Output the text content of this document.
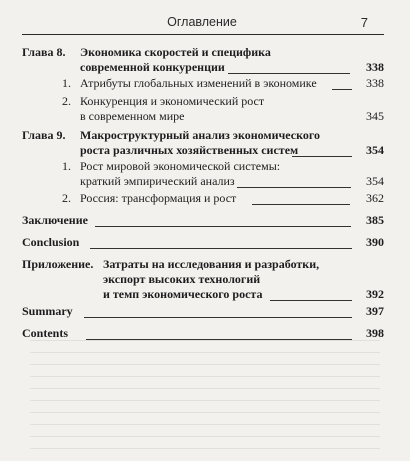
Оглавление	7
Глава 8. Экономика скоростей и специфика
современной конкуренции	338
1. Атрибуты глобальных изменений в экономике	338
2. Конкуренция и экономический рост
в современном мире	345
Глава 9. Макроструктурный анализ экономического
роста различных хозяйственных систем	354
1. Рост мировой экономической системы:
краткий эмпирический анализ	354
2. Россия: трансформация и рост	362
Заключение	385
Conclusion	390
Приложение. Затраты на исследования и разработки,
экспорт высоких технологий
и темп экономического роста	392
Summary	397
Contents	398
